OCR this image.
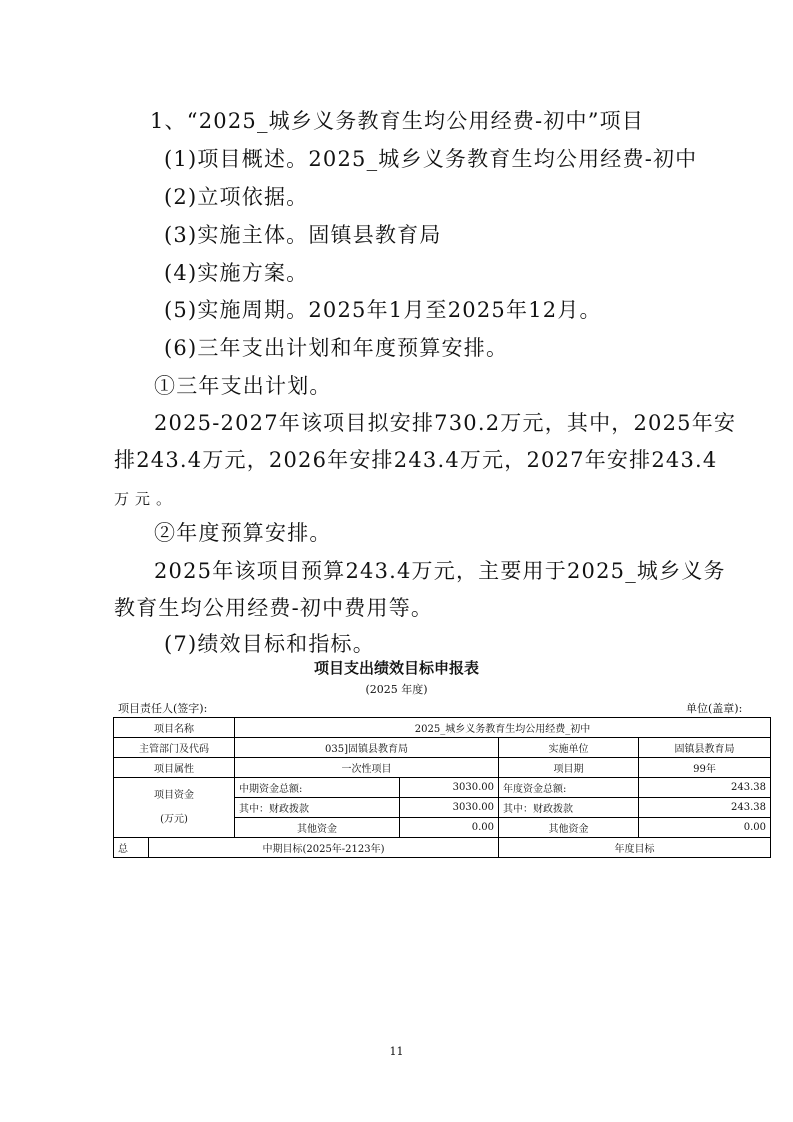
1、“2025_城乡义务教育生均公用经费-初中”项目
(1)项目概述。2025_城乡义务教育生均公用经费-初中
(2)立项依据。
(3)实施主体。固镇县教育局
(4)实施方案。
(5)实施周期。2025年1月至2025年12月。
(6)三年支出计划和年度预算安排。
①三年支出计划。
2025-2027年该项目拟安排730.2万元，其中，2025年安
排243.4万元，2026年安排243.4万元，2027年安排243.4
万元。
②年度预算安排。
2025年该项目预算243.4万元，主要用于2025_城乡义务
教育生均公用经费-初中费用等。
(7)绩效目标和指标。
项目支出绩效目标申报表
(2025 年度)
项目责任人(签字):	单位(盖章):
项目名称		2025_城乡义务教育生均公用经费_初中			
主管部门及代码		035]固镇县教育局		实施单位	固镇县教育局
项目属性		一次性项目		项目期	99年

项目资金
(万元)		中期资金总额:	3030.00	年度资金总额:	243.38
		其中：财政拨款	3030.00	其中：财政拨款	243.38
		其他资金	0.00	其他资金	0.00
总	中期目标(2025年-2123年)			年度目标	
11
